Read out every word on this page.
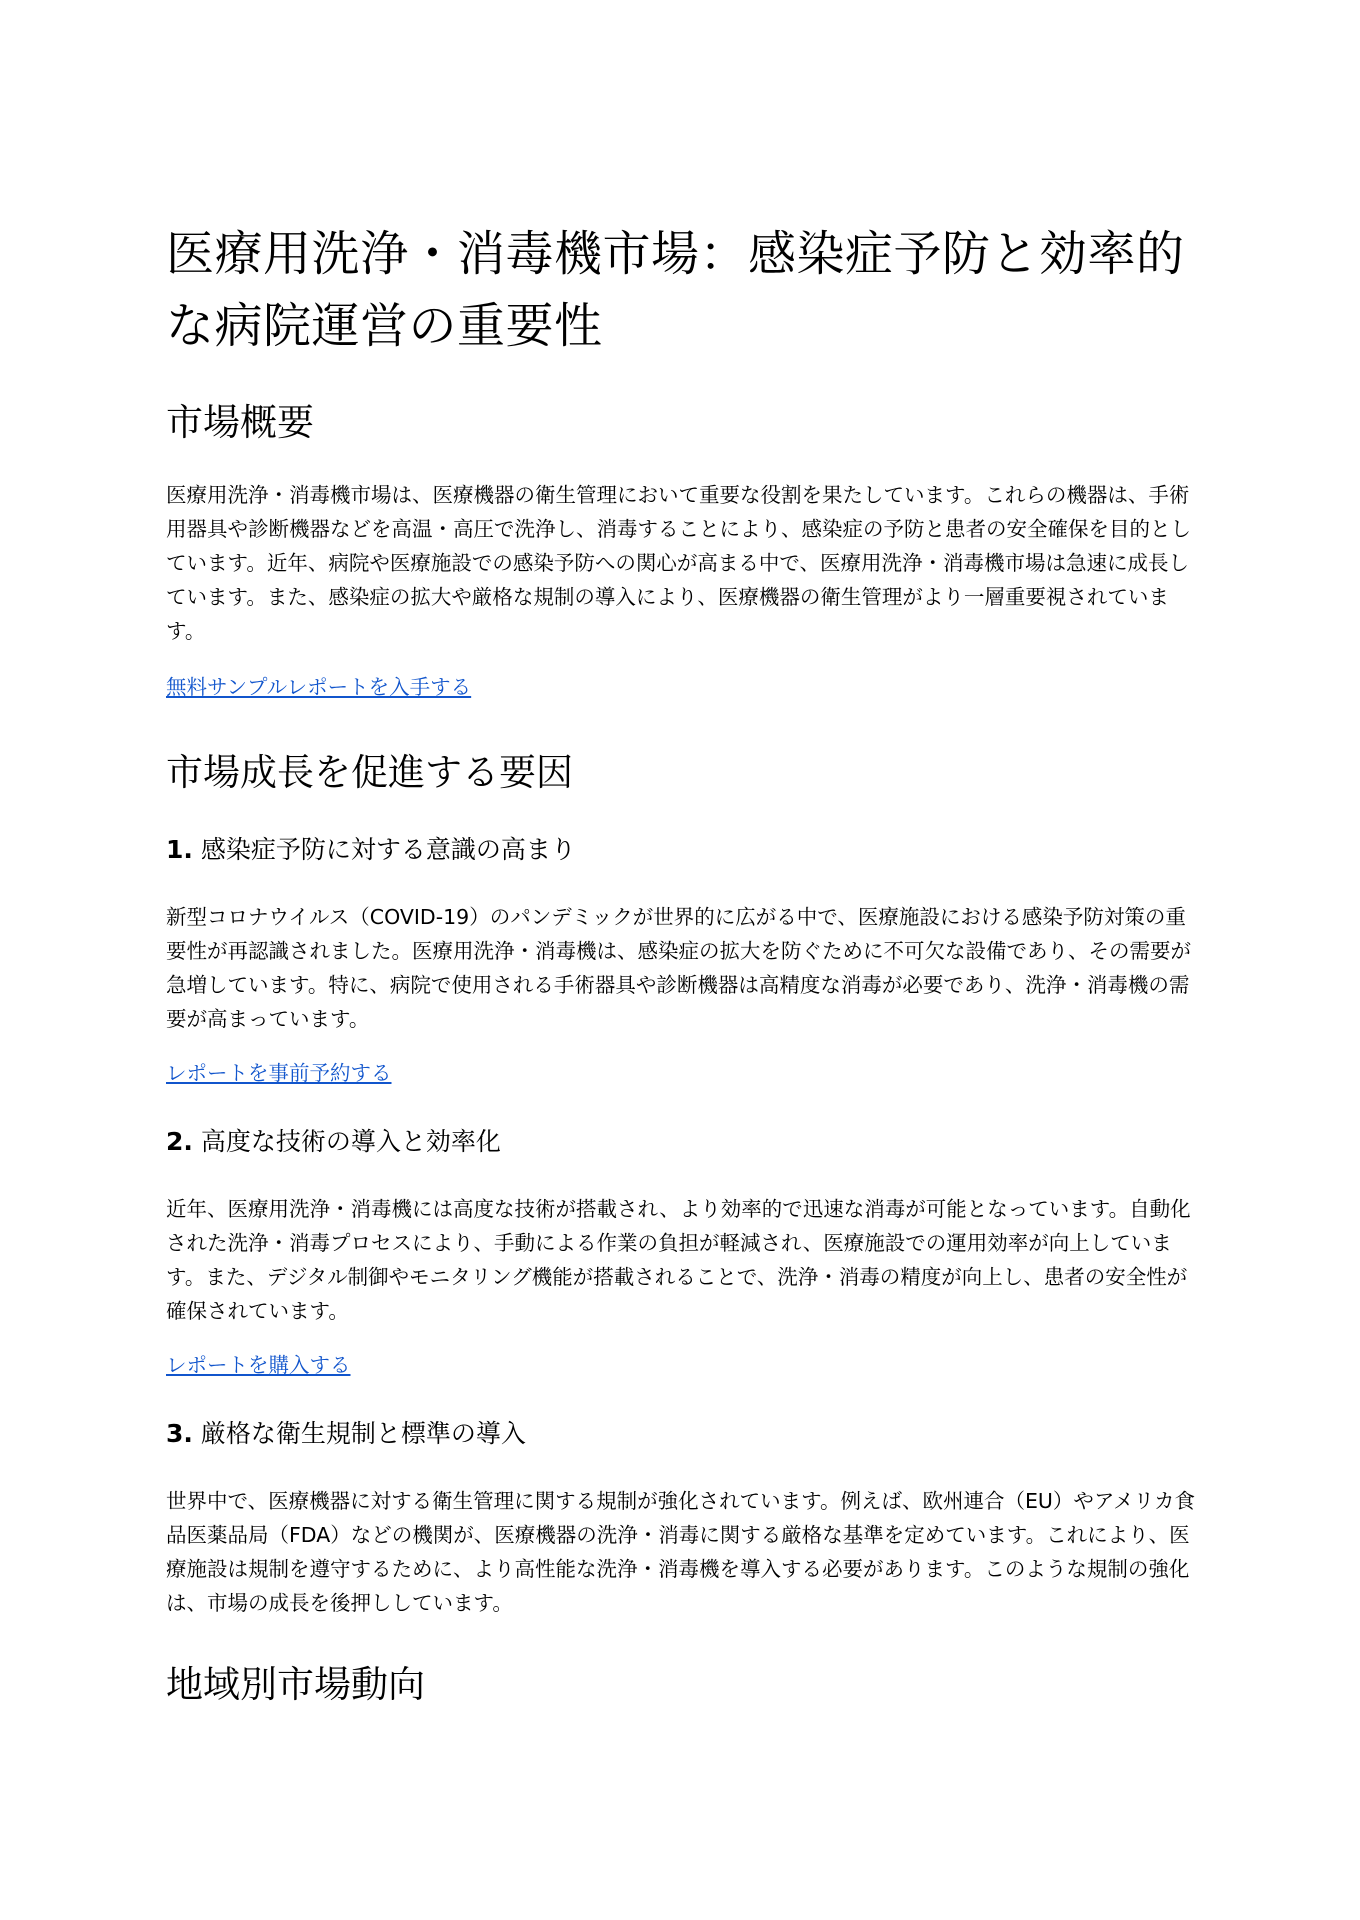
医療用洗浄・消毒機市場：感染症予防と効率的な病院運営の重要性
市場概要

医療用洗浄・消毒機市場は、医療機器の衛生管理において重要な役割を果たしています。これらの機器は、手術用器具や診断機器などを高温・高圧で洗浄し、消毒することにより、感染症の予防と患者の安全確保を目的としています。近年、病院や医療施設での感染予防への関心が高まる中で、医療用洗浄・消毒機市場は急速に成長しています。また、感染症の拡大や厳格な規制の導入により、医療機器の衛生管理がより一層重要視されています。

無料サンプルレポートを入手する
市場成長を促進する要因
1. 感染症予防に対する意識の高まり

新型コロナウイルス（COVID-19）のパンデミックが世界的に広がる中で、医療施設における感染予防対策の重要性が再認識されました。医療用洗浄・消毒機は、感染症の拡大を防ぐために不可欠な設備であり、その需要が急増しています。特に、病院で使用される手術器具や診断機器は高精度な消毒が必要であり、洗浄・消毒機の需要が高まっています。

レポートを事前予約する
2. 高度な技術の導入と効率化

近年、医療用洗浄・消毒機には高度な技術が搭載され、より効率的で迅速な消毒が可能となっています。自動化された洗浄・消毒プロセスにより、手動による作業の負担が軽減され、医療施設での運用効率が向上しています。また、デジタル制御やモニタリング機能が搭載されることで、洗浄・消毒の精度が向上し、患者の安全性が確保されています。

レポートを購入する
3. 厳格な衛生規制と標準の導入

世界中で、医療機器に対する衛生管理に関する規制が強化されています。例えば、欧州連合（EU）やアメリカ食品医薬品局（FDA）などの機関が、医療機器の洗浄・消毒に関する厳格な基準を定めています。これにより、医療施設は規制を遵守するために、より高性能な洗浄・消毒機を導入する必要があります。このような規制の強化は、市場の成長を後押ししています。

地域別市場動向
